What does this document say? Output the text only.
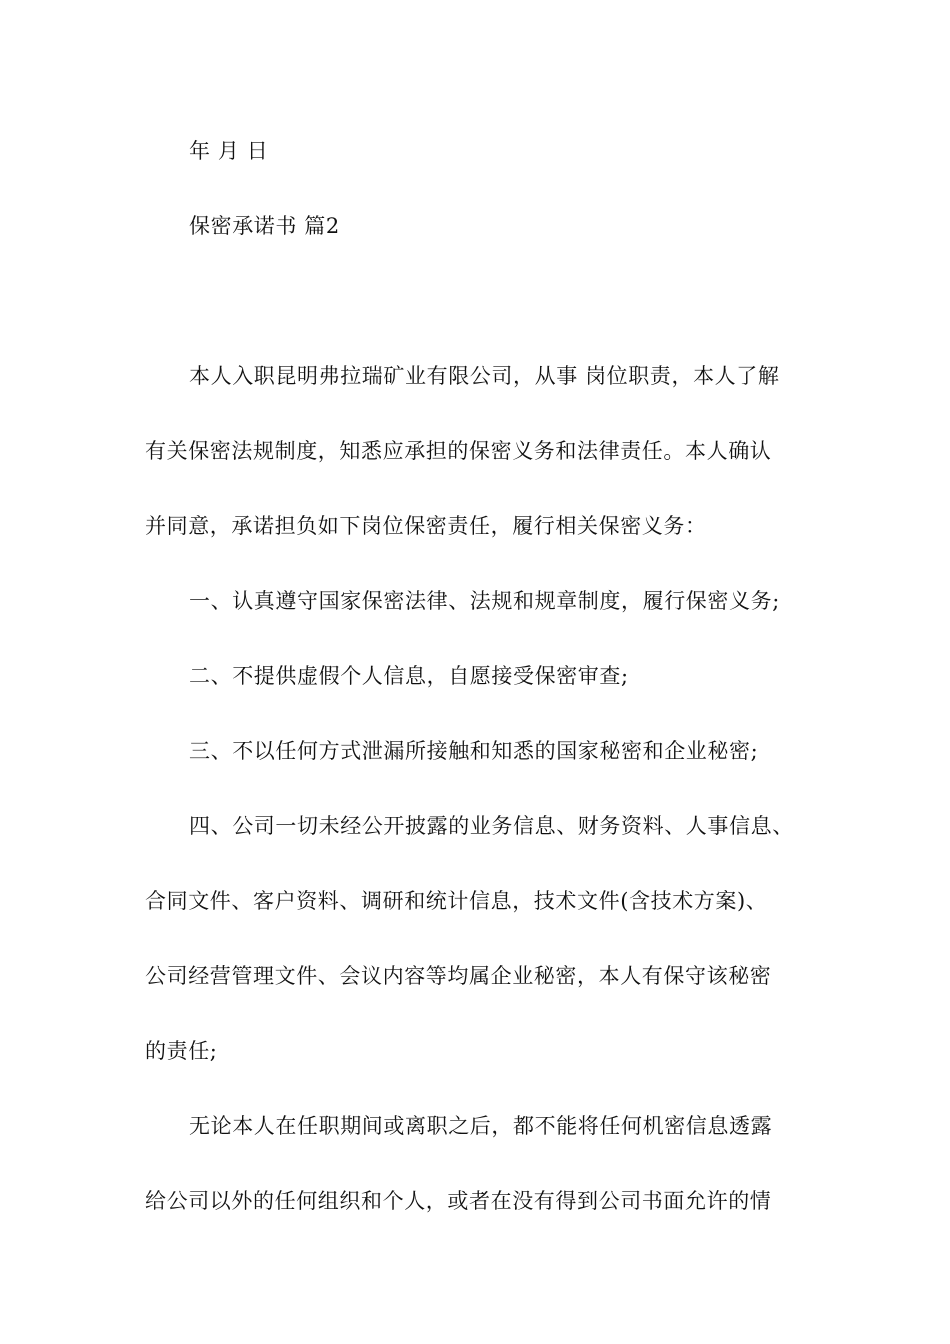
年 月 日
保密承诺书 篇2
本人入职昆明弗拉瑞矿业有限公司，从事 岗位职责，本人了解
有关保密法规制度，知悉应承担的保密义务和法律责任。本人确认
并同意，承诺担负如下岗位保密责任，履行相关保密义务：
一、认真遵守国家保密法律、法规和规章制度，履行保密义务;
二、不提供虚假个人信息，自愿接受保密审查;
三、不以任何方式泄漏所接触和知悉的国家秘密和企业秘密;
四、公司一切未经公开披露的业务信息、财务资料、人事信息、
合同文件、客户资料、调研和统计信息，技术文件(含技术方案)、
公司经营管理文件、会议内容等均属企业秘密，本人有保守该秘密
的责任;
无论本人在任职期间或离职之后，都不能将任何机密信息透露
给公司以外的任何组织和个人，或者在没有得到公司书面允许的情
